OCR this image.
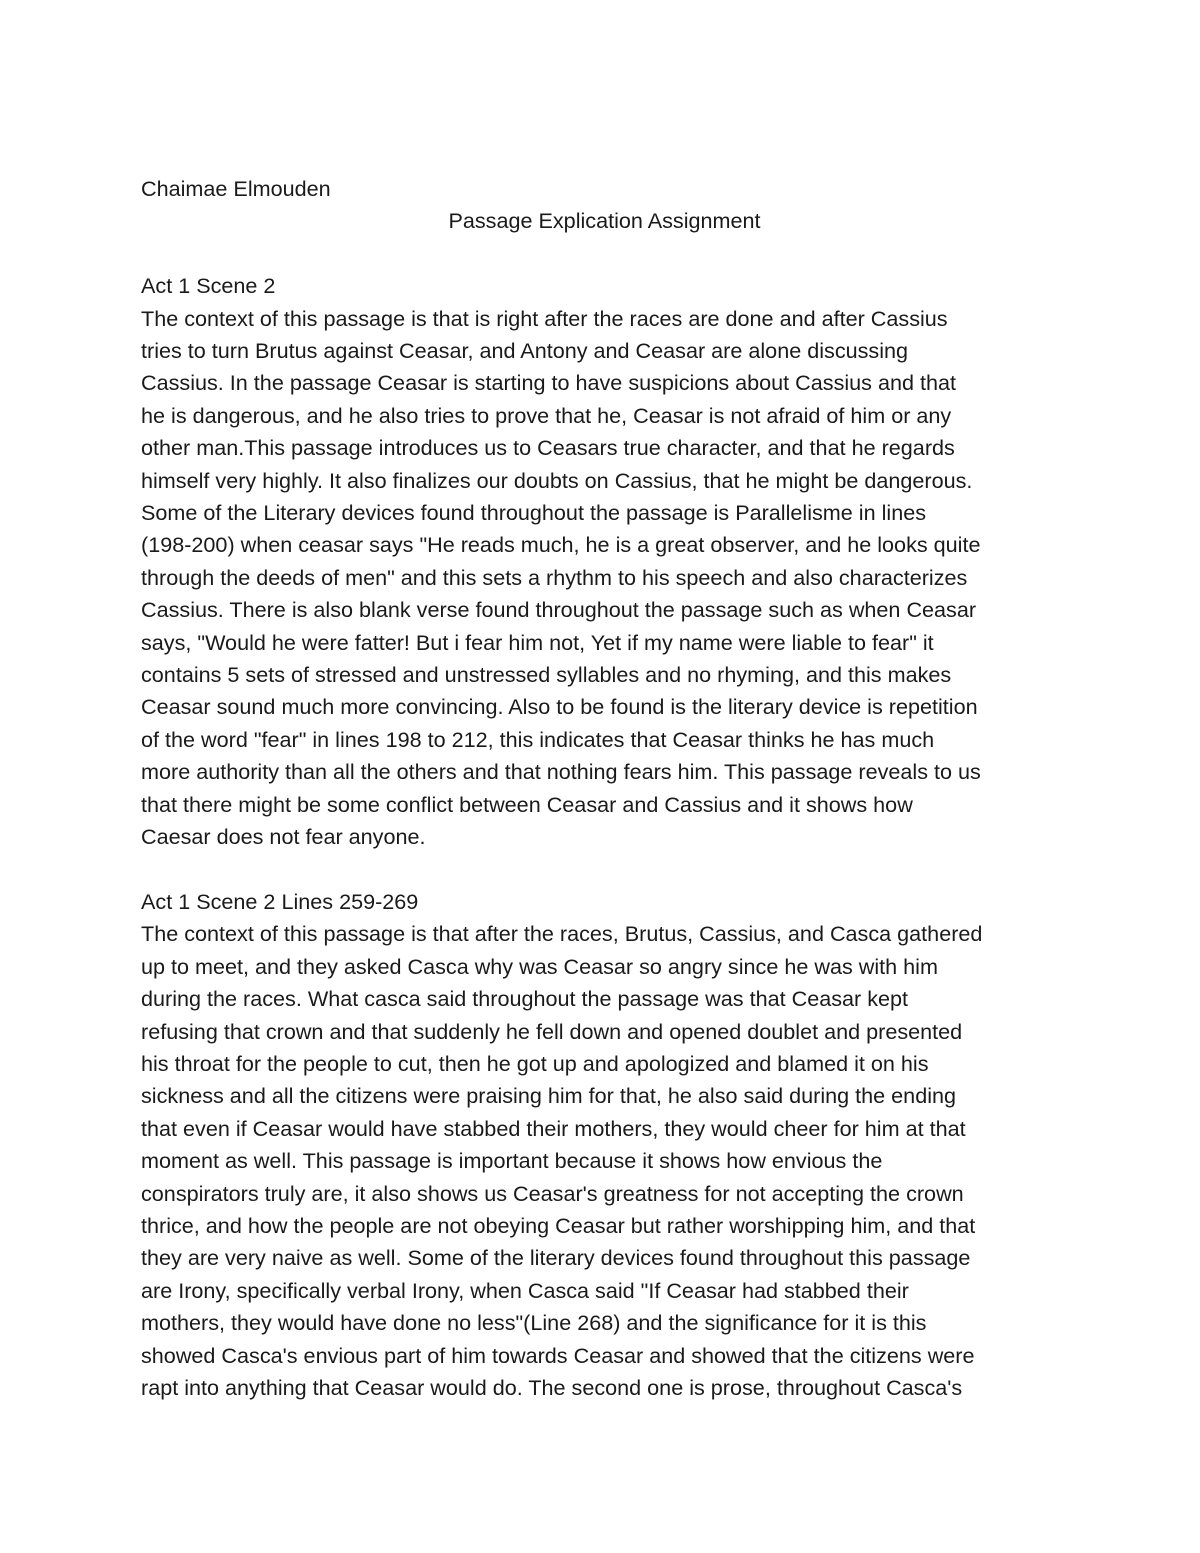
Chaimae Elmouden

Passage Explication Assignment

Act 1 Scene 2

The context of this passage is that is right after the races are done and after Cassius
tries to turn Brutus against Ceasar, and Antony and Ceasar are alone discussing
Cassius. In the passage Ceasar is starting to have suspicions about Cassius and that
he is dangerous, and he also tries to prove that he, Ceasar is not afraid of him or any
other man.This passage introduces us to Ceasars true character, and that he regards
himself very highly. It also finalizes our doubts on Cassius, that he might be dangerous.
Some of the Literary devices found throughout the passage is Parallelisme in lines
(198-200) when ceasar says "He reads much, he is a great observer, and he looks quite
through the deeds of men" and this sets a rhythm to his speech and also characterizes
Cassius. There is also blank verse found throughout the passage such as when Ceasar
says, "Would he were fatter! But i fear him not, Yet if my name were liable to fear" it
contains 5 sets of stressed and unstressed syllables and no rhyming, and this makes
Ceasar sound much more convincing. Also to be found is the literary device is repetition
of the word "fear" in lines 198 to 212, this indicates that Ceasar thinks he has much
more authority than all the others and that nothing fears him. This passage reveals to us
that there might be some conflict between Ceasar and Cassius and it shows how
Caesar does not fear anyone.

Act 1 Scene 2 Lines 259-269

The context of this passage is that after the races, Brutus, Cassius, and Casca gathered
up to meet, and they asked Casca why was Ceasar so angry since he was with him
during the races. What casca said throughout the passage was that Ceasar kept
refusing that crown and that suddenly he fell down and opened doublet and presented
his throat for the people to cut, then he got up and apologized and blamed it on his
sickness and all the citizens were praising him for that, he also said during the ending
that even if Ceasar would have stabbed their mothers, they would cheer for him at that
moment as well. This passage is important because it shows how envious the
conspirators truly are, it also shows us Ceasar's greatness for not accepting the crown
thrice, and how the people are not obeying Ceasar but rather worshipping him, and that
they are very naive as well. Some of the literary devices found throughout this passage
are Irony, specifically verbal Irony, when Casca said "If Ceasar had stabbed their
mothers, they would have done no less"(Line 268) and the significance for it is this
showed Casca's envious part of him towards Ceasar and showed that the citizens were
rapt into anything that Ceasar would do. The second one is prose, throughout Casca's
